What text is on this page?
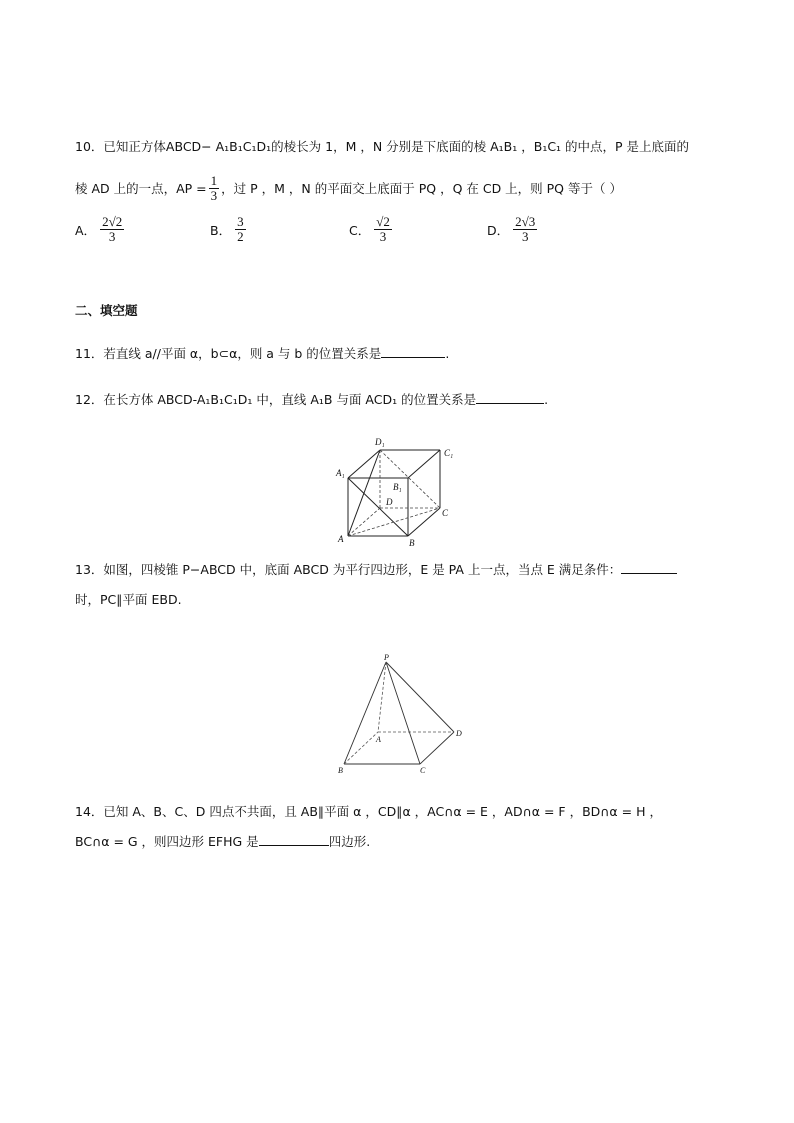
10．已知正方体ABCD− A₁B₁C₁D₁的棱长为 1，M ，N 分别是下底面的棱 A₁B₁ ，B₁C₁ 的中点，P 是上底面的
棱 AD 上的一点，AP = $\frac{1}{3}$ ，过 P ，M ，N 的平面交上底面于 PQ ，Q 在 CD 上，则 PQ 等于（ ）
A． $\frac{2√2}{3}$	B． $\frac{3}{2}$	C． $\frac{√2}{3}$	D． $\frac{2√3}{3}$
二、填空题
11．若直线 a//平面 α，b⊂α，则 a 与 b 的位置关系是	.
12．在长方体 ABCD-A₁B₁C₁D₁ 中，直线 A₁B 与面 ACD₁ 的位置关系是	.
A	B
C
D
A₁
B₁
C₁
D₁
13．如图，四棱锥 P−ABCD 中，底面 ABCD 为平行四边形，E 是 PA 上一点，当点 E 满足条件：
时，PC∥平面 EBD.
P
A
B	C
D
14．已知 A、B、C、D 四点不共面，且 AB∥平面 α ，CD∥α ，AC∩α = E ，AD∩α = F ，BD∩α = H ，
BC∩α = G ，则四边形 EFHG 是	四边形.
